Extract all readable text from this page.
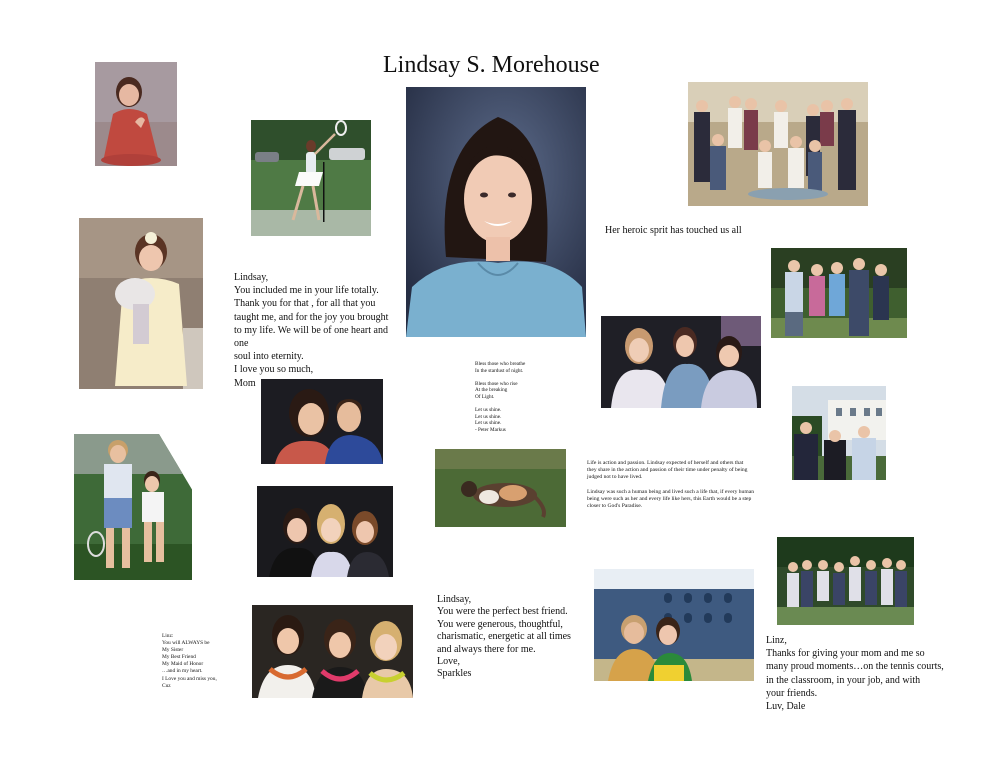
Lindsay S. Morehouse
Her heroic sprit has touched us all
Lindsay,
You included me in your life totally.
Thank you for that , for all that you
taught me, and for the joy you brought
to my life. We will be of one heart and one
soul into eternity.
I love you so much,
Mom
Bless those who breathe
In the stardust of night.

Bless those who rise
At the breaking
Of Light.

Let us shine.
Let us shine.
Let us shine.
- Peter Markus
Life is action and passion. Lindsay expected of herself and others that
they share in the action and passion of their time under penalty of being
judged not to have lived.

Lindsay was such a human being and lived such a life that, if every human
being were such as her and every life like hers, this Earth would be a step
closer to God's Paradise.
Lindsay,
You were the perfect best friend.
You were generous, thoughtful,
charismatic, energetic at all times
and always there for me.
Love,
Sparkles
Linz:
You will ALWAYS be
My Sister
My Best Friend
My Maid of Honor
…and in my heart.
I Love you and miss you,
Cuz
Linz,
Thanks for giving your mom and me so
many proud moments…on the tennis courts,
in the classroom, in your job, and with
your friends.
Luv, Dale
